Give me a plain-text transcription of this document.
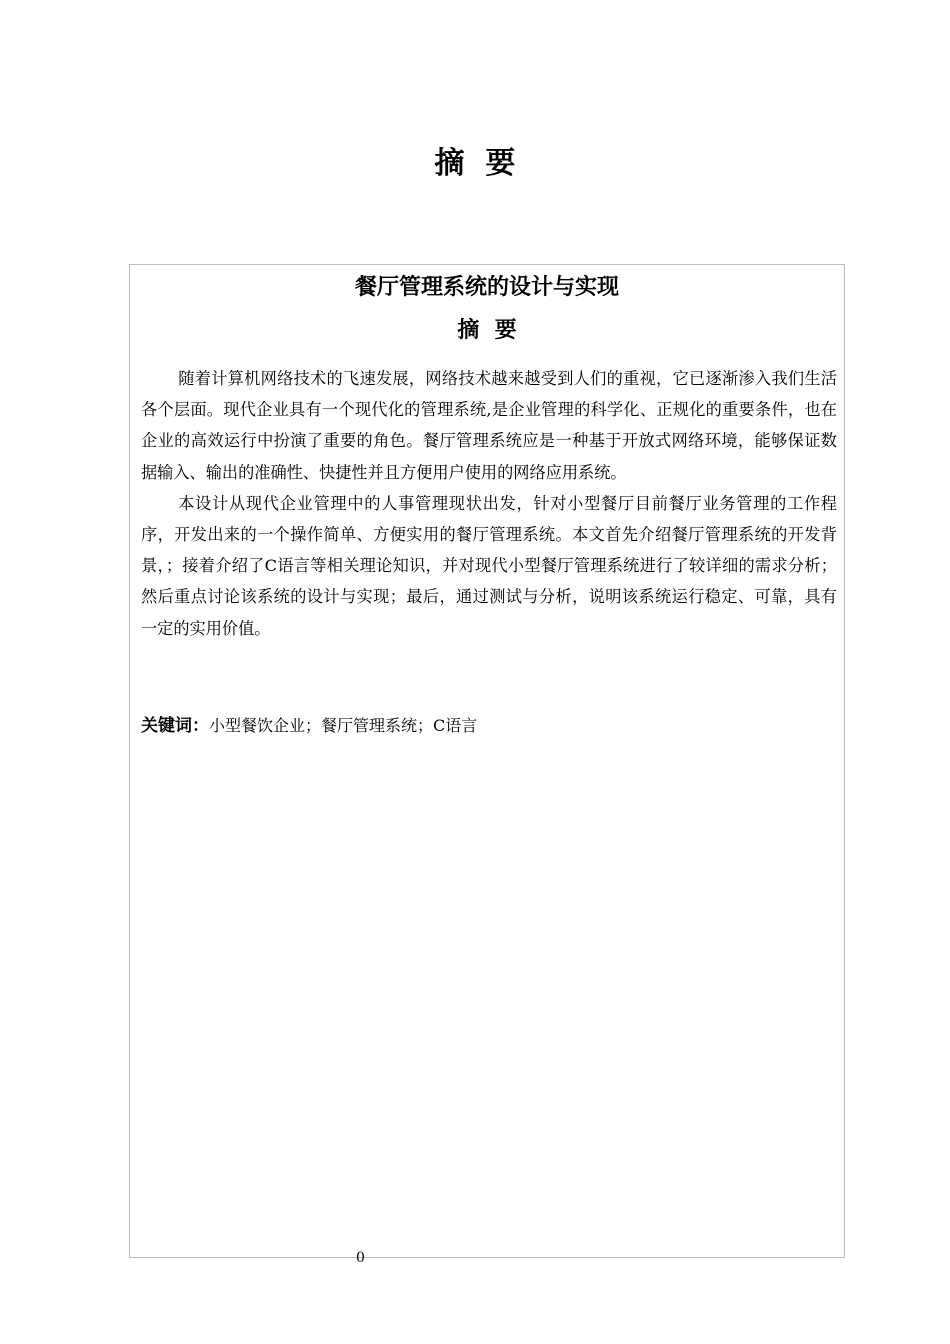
摘  要
餐厅管理系统的设计与实现
摘  要

随着计算机网络技术的飞速发展，网络技术越来越受到人们的重视，它已逐渐渗入我们生活各个层面。现代企业具有一个现代化的管理系统,是企业管理的科学化、正规化的重要条件，也在企业的高效运行中扮演了重要的角色。餐厅管理系统应是一种基于开放式网络环境，能够保证数据输入、输出的准确性、快捷性并且方便用户使用的网络应用系统。

本设计从现代企业管理中的人事管理现状出发，针对小型餐厅目前餐厅业务管理的工作程序，开发出来的一个操作简单、方便实用的餐厅管理系统。本文首先介绍餐厅管理系统的开发背景，；接着介绍了C语言等相关理论知识，并对现代小型餐厅管理系统进行了较详细的需求分析；然后重点讨论该系统的设计与实现；最后，通过测试与分析，说明该系统运行稳定、可靠，具有一定的实用价值。

关键词：小型餐饮企业；餐厅管理系统；C语言
0
